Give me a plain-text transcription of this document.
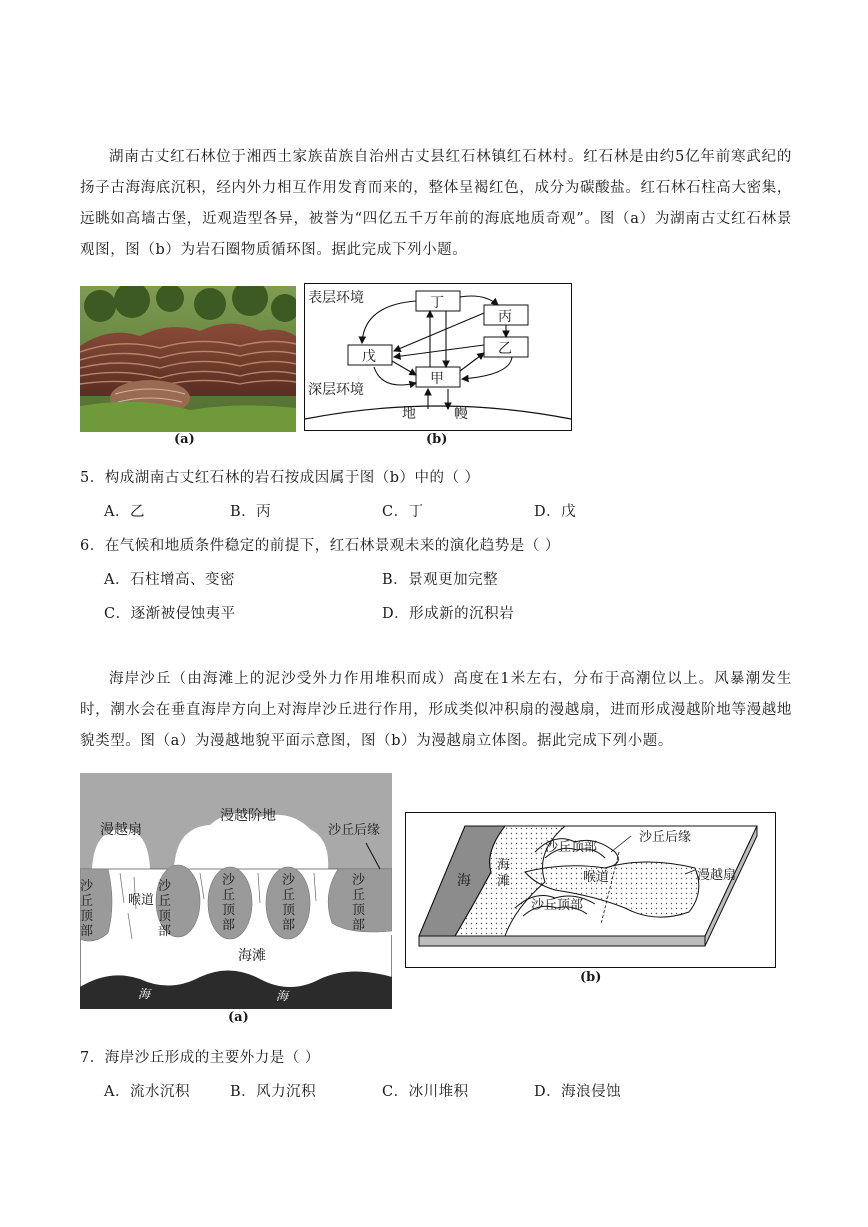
湖南古丈红石林位于湘西土家族苗族自治州古丈县红石林镇红石林村。红石林是由约5亿年前寒武纪的扬子古海海底沉积，经内外力相互作用发育而来的，整体呈褐红色，成分为碳酸盐。红石林石柱高大密集，远眺如高墙古堡，近观造型各异，被誉为“四亿五千万年前的海底地质奇观”。图（a）为湖南古丈红石林景观图，图（b）为岩石圈物质循环图。据此完成下列小题。
(a)
表层环境
深层环境
丁
丙
戊	乙
甲
地	幔
(b)
5．构成湖南古丈红石林的岩石按成因属于图（b）中的（ ）
A．乙	B．丙	C．丁	D．戊
6．在气候和地质条件稳定的前提下，红石林景观未来的演化趋势是（ ）
A．石柱增高、变密	B．景观更加完整
C．逐渐被侵蚀夷平	D．形成新的沉积岩
海岸沙丘（由海滩上的泥沙受外力作用堆积而成）高度在1米左右，分布于高潮位以上。风暴潮发生时，潮水会在垂直海岸方向上对海岸沙丘进行作用，形成类似冲积扇的漫越扇，进而形成漫越阶地等漫越地貌类型。图（a）为漫越地貌平面示意图，图（b）为漫越扇立体图。据此完成下列小题。
漫越阶地
漫越扇	沙丘后缘
沙丘顶部
喉道
沙丘顶部
沙丘顶部
沙丘顶部
沙丘顶部
海滩
海	海
(a)
海
海滩
沙丘顶部
沙丘后缘
喉道	漫越扇
沙丘顶部
(b)
7．海岸沙丘形成的主要外力是（ ）
A．流水沉积	B．风力沉积	C．冰川堆积	D．海浪侵蚀
